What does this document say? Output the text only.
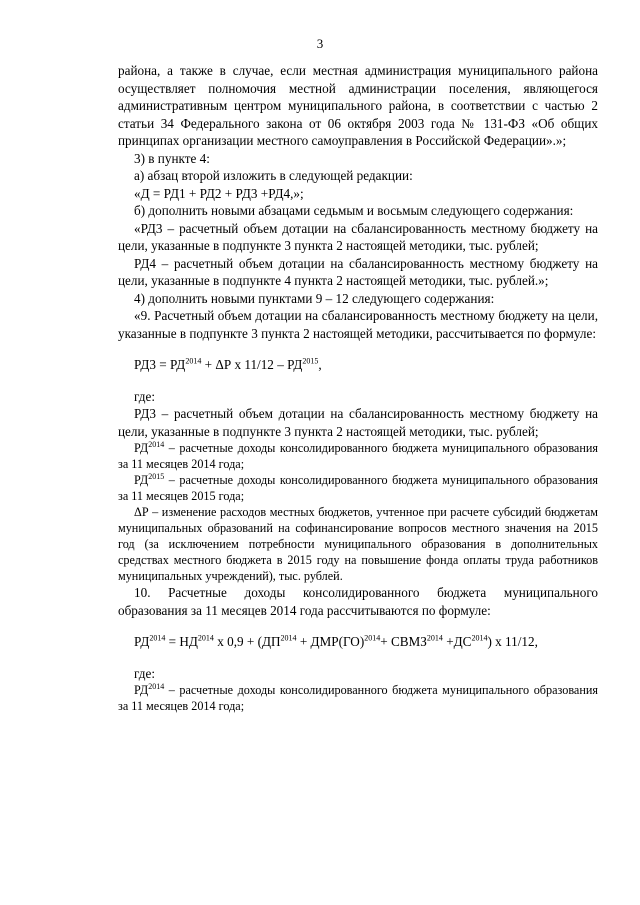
3

района, а также в случае, если местная администрация муниципального района осуществляет полномочия местной администрации поселения, являющегося административным центром муниципального района, в соответствии с частью 2 статьи 34 Федерального закона от 06 октября 2003 года № 131-ФЗ «Об общих принципах организации местного самоуправления в Российской Федерации».»;

3) в пункте 4:

а) абзац второй изложить в следующей редакции:

«Д = РД1 + РД2 + РД3 +РД4,»;

б) дополнить новыми абзацами седьмым и восьмым следующего содержания:

«РД3 – расчетный объем дотации на сбалансированность местному бюджету на цели, указанные в подпункте 3 пункта 2 настоящей методики, тыс. рублей;

РД4 – расчетный объем дотации на сбалансированность местному бюджету на цели, указанные в подпункте 4 пункта 2 настоящей методики, тыс. рублей.»;

4) дополнить новыми пунктами 9 – 12 следующего содержания:

«9. Расчетный объем дотации на сбалансированность местному бюджету на цели, указанные в подпункте 3 пункта 2 настоящей методики, рассчитывается по формуле:

$РД3 = РД^{2014} + \Delta Р$ х $11/12 - РД^{2015}$,

где:

РД3 – расчетный объем дотации на сбалансированность местному бюджету на цели, указанные в подпункте 3 пункта 2 настоящей методики, тыс. рублей;

$РД^{2014}$ – расчетные доходы консолидированного бюджета муниципального образования за 11 месяцев 2014 года;

$РД^{2015}$ – расчетные доходы консолидированного бюджета муниципального образования за 11 месяцев 2015 года;

ΔР – изменение расходов местных бюджетов, учтенное при расчете субсидий бюджетам муниципальных образований на софинансирование вопросов местного значения на 2015 год (за исключением потребности муниципального образования в дополнительных средствах местного бюджета в 2015 году на повышение фонда оплаты труда работников муниципальных учреждений), тыс. рублей.

10. Расчетные доходы консолидированного бюджета муниципального образования за 11 месяцев 2014 года рассчитываются по формуле:

$РД^{2014} = НД^{2014}$ х $0,9 + (ДП^{2014} + ДМР(ГО)^{2014}+$ $СВМЗ^{2014} +ДС^{2014}$) х 11/12,

где:

$РД^{2014}$ – расчетные доходы консолидированного бюджета муниципального образования за 11 месяцев 2014 года;
